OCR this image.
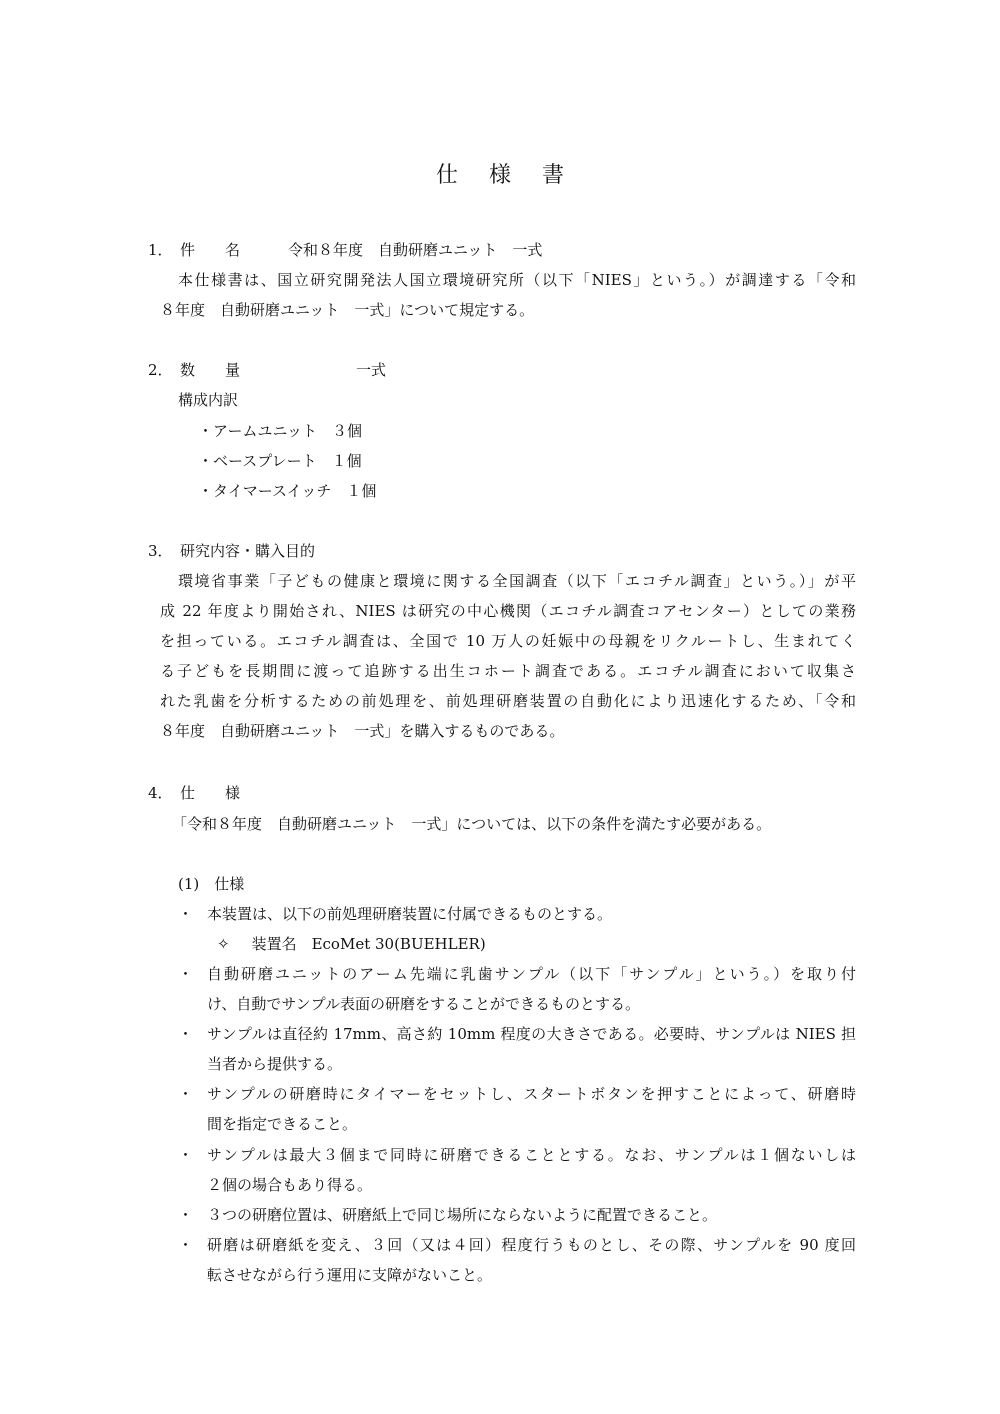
仕 様 書
1． 件　　名	令和８年度　自動研磨ユニット　一式
本仕様書は、国立研究開発法人国立環境研究所（以下「NIES」という。）が調達する「令和
８年度　自動研磨ユニット　一式」について規定する。
2． 数　　量	一式
構成内訳
・アームユニット　３個
・ベースプレート　１個
・タイマースイッチ　１個
3． 研究内容・購入目的
環境省事業「子どもの健康と環境に関する全国調査（以下「エコチル調査」という。）」が平
成 22 年度より開始され、NIES は研究の中心機関（エコチル調査コアセンター）としての業務
を担っている。エコチル調査は、全国で 10 万人の妊娠中の母親をリクルートし、生まれてく
る子どもを長期間に渡って追跡する出生コホート調査である。エコチル調査において収集さ
れた乳歯を分析するための前処理を、前処理研磨装置の自動化により迅速化するため、「令和
８年度　自動研磨ユニット　一式」を購入するものである。
4． 仕　　様
「令和８年度　自動研磨ユニット　一式」については、以下の条件を満たす必要がある。
(1)　仕様
・ 本装置は、以下の前処理研磨装置に付属できるものとする。
✧ 装置名　EcoMet 30(BUEHLER)
・ 自動研磨ユニットのアーム先端に乳歯サンプル（以下「サンプル」という。）を取り付
け、自動でサンプル表面の研磨をすることができるものとする。
・ サンプルは直径約 17mm、高さ約 10mm 程度の大きさである。必要時、サンプルは NIES 担
当者から提供する。
・ サンプルの研磨時にタイマーをセットし、スタートボタンを押すことによって、研磨時
間を指定できること。
・ サンプルは最大３個まで同時に研磨できることとする。なお、サンプルは１個ないしは
２個の場合もあり得る。
・ ３つの研磨位置は、研磨紙上で同じ場所にならないように配置できること。
・ 研磨は研磨紙を変え、３回（又は４回）程度行うものとし、その際、サンプルを 90 度回
転させながら行う運用に支障がないこと。
